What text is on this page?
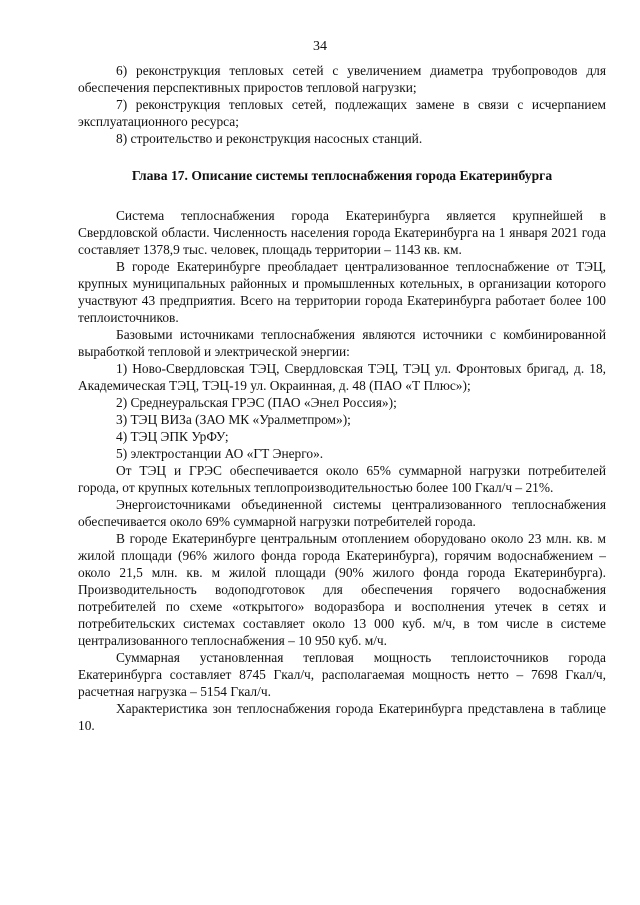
34

6) реконструкция тепловых сетей с увеличением диаметра трубопроводов для обеспечения перспективных приростов тепловой нагрузки;

7) реконструкция тепловых сетей, подлежащих замене в связи с исчерпанием эксплуатационного ресурса;

8) строительство и реконструкция насосных станций.

Глава 17. Описание системы теплоснабжения города Екатеринбурга

Система теплоснабжения города Екатеринбурга является крупнейшей в Свердловской области. Численность населения города Екатеринбурга на 1 января 2021 года составляет 1378,9 тыс. человек, площадь территории – 1143 кв. км.

В городе Екатеринбурге преобладает централизованное теплоснабжение от ТЭЦ, крупных муниципальных районных и промышленных котельных, в организации которого участвуют 43 предприятия. Всего на территории города Екатеринбурга работает более 100 теплоисточников.

Базовыми источниками теплоснабжения являются источники с комбинированной выработкой тепловой и электрической энергии:

1) Ново-Свердловская ТЭЦ, Свердловская ТЭЦ, ТЭЦ ул. Фронтовых бригад, д. 18, Академическая ТЭЦ, ТЭЦ-19 ул. Окраинная, д. 48 (ПАО «Т Плюс»);

2) Среднеуральская ГРЭС (ПАО «Энел Россия»);

3) ТЭЦ ВИЗа (ЗАО МК «Уралметпром»);

4) ТЭЦ ЭПК УрФУ;

5) электростанции АО «ГТ Энерго».

От ТЭЦ и ГРЭС обеспечивается около 65% суммарной нагрузки потребителей города, от крупных котельных теплопроизводительностью более 100 Гкал/ч – 21%.

Энергоисточниками объединенной системы централизованного теплоснабжения обеспечивается около 69% суммарной нагрузки потребителей города.

В городе Екатеринбурге центральным отоплением оборудовано около 23 млн. кв. м жилой площади (96% жилого фонда города Екатеринбурга), горячим водоснабжением – около 21,5 млн. кв. м жилой площади (90% жилого фонда города Екатеринбурга). Производительность водоподготовок для обеспечения горячего водоснабжения потребителей по схеме «открытого» водоразбора и восполнения утечек в сетях и потребительских системах составляет около 13 000 куб. м/ч, в том числе в системе централизованного теплоснабжения – 10 950 куб. м/ч.

Суммарная установленная тепловая мощность теплоисточников города Екатеринбурга составляет 8745 Гкал/ч, располагаемая мощность нетто – 7698 Гкал/ч, расчетная нагрузка – 5154 Гкал/ч.

Характеристика зон теплоснабжения города Екатеринбурга представлена в таблице 10.
